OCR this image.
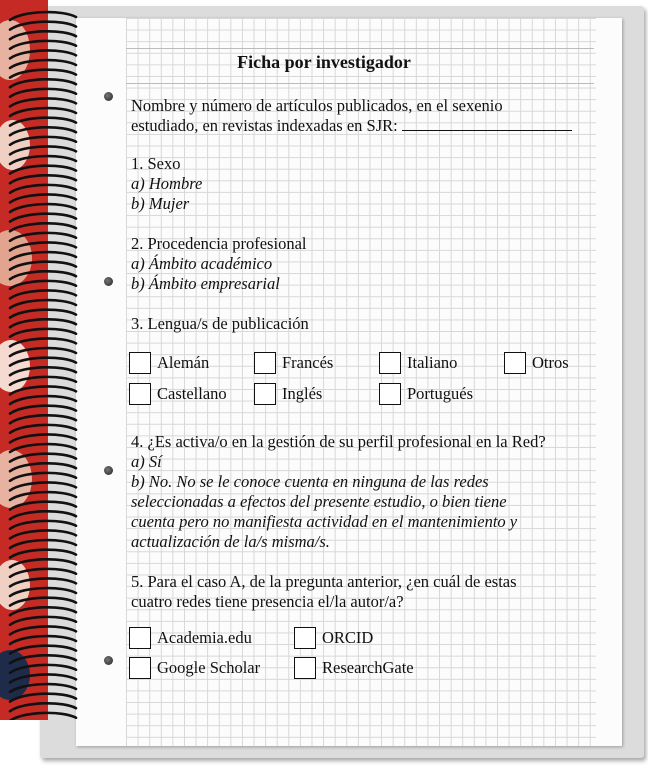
Ficha por investigador
Nombre y número de artículos publicados, en el sexenio
estudiado, en revistas indexadas en SJR:
1. Sexo
a) Hombre
b) Mujer
2. Procedencia profesional
a) Ámbito académico
b) Ámbito empresarial
3. Lengua/s de publicación
Alemán	Francés	Italiano	Otros
Castellano	Inglés	Portugués
4. ¿Es activa/o en la gestión de su perfil profesional en la Red?
a) Sí
b) No. No se le conoce cuenta en ninguna de las redes
seleccionadas a efectos del presente estudio, o bien tiene
cuenta pero no manifiesta actividad en el mantenimiento y
actualización de la/s misma/s.
5. Para el caso A, de la pregunta anterior, ¿en cuál de estas
cuatro redes tiene presencia el/la autor/a?
Academia.edu	ORCID
Google Scholar	ResearchGate
